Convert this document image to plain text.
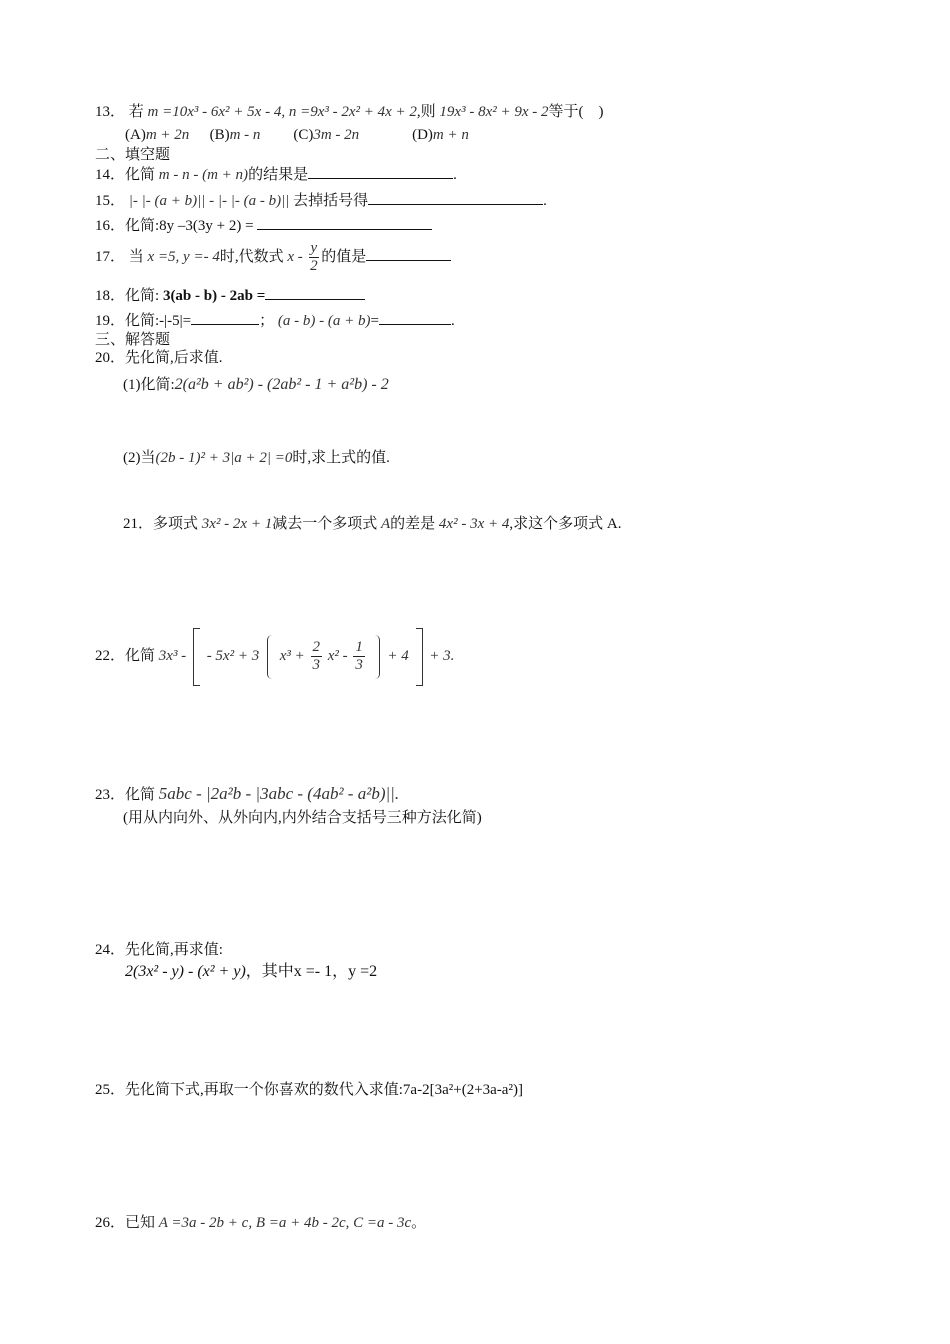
13． 若 m =10x³ - 6x² + 5x - 4, n =9x³ - 2x² + 4x + 2,则 19x³ - 8x² + 9x - 2等于(　)
(A)m + 2n (B)m - n (C)3m - 2n	(D)m + n
二、填空题
14．化简 m - n - (m + n)的结果是	.
15． |- |- (a + b)|| - |- |- (a - b)|| 去掉括号得	.
16．化简:8y –3(3y + 2) =
17． 当 x =5, y =- 4时,代数式 x - $\frac{y}{2}$ 的值是
18．化简: 3(ab - b) - 2ab =
19．化简:-|-5|=	； (a - b) - (a + b)=	.
三、解答题
20．先化简,后求值.
(1)化简:2(a²b + ab²) - (2ab² - 1 + a²b) - 2
(2)当(2b - 1)² + 3|a + 2| =0时,求上式的值.
21．多项式 3x² - 2x + 1减去一个多项式 A的差是 4x² - 3x + 4,求这个多项式 A.
22．化简 3x³ - - 5x² + 3 $x^3 + \frac{2}{3} x^2 - \frac{1}{3} + 4 + 3$.
23．化简 5abc - |2a²b - |3abc - (4ab² - a²b)||.
(用从内向外、从外向内,内外结合支括号三种方法化简)
24．先化简,再求值:
2(3x² - y) - (x² + y)，其中x =- 1，y =2
25．先化简下式,再取一个你喜欢的数代入求值:7a-2[3a²+(2+3a-a²)]
26．已知 A =3a - 2b + c, B =a + 4b - 2c, C =a - 3c。
